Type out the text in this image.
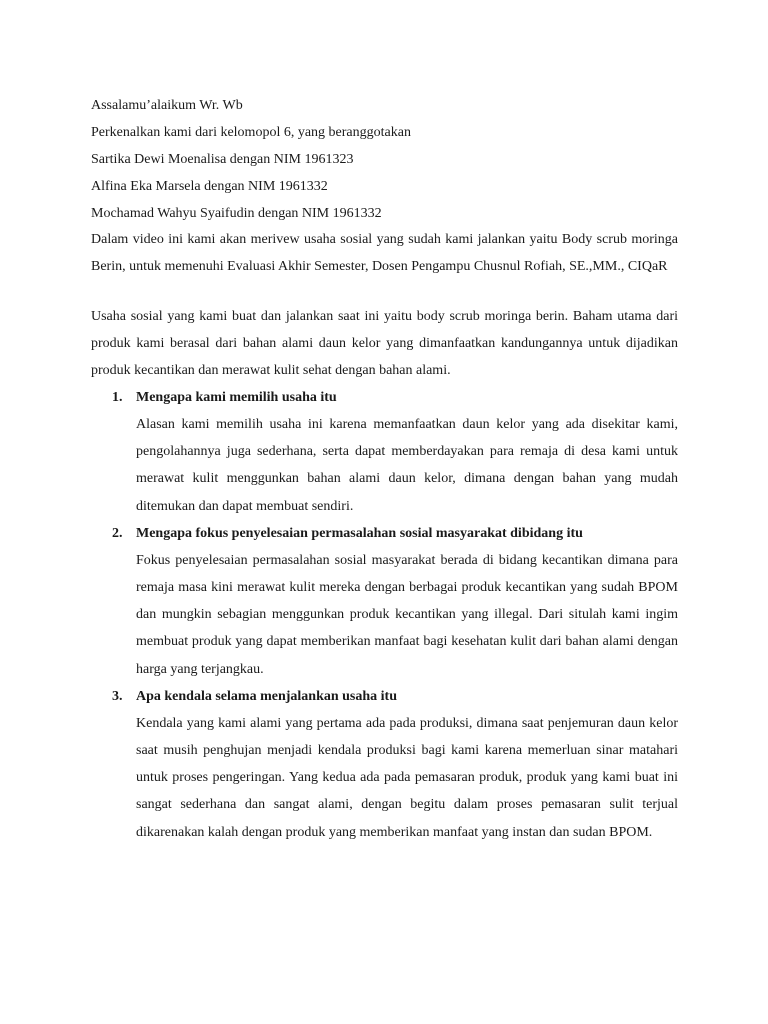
Assalamu’alaikum Wr. Wb
Perkenalkan kami dari kelomopol 6, yang beranggotakan
Sartika Dewi Moenalisa dengan NIM 1961323
Alfina Eka Marsela dengan NIM 1961332
Mochamad Wahyu Syaifudin dengan NIM 1961332
Dalam video ini kami akan merivew usaha sosial yang sudah kami jalankan yaitu Body scrub moringa Berin, untuk memenuhi Evaluasi Akhir Semester, Dosen Pengampu Chusnul Rofiah, SE.,MM., CIQaR
Usaha sosial yang kami buat dan jalankan saat ini yaitu body scrub moringa berin. Baham utama dari produk kami berasal dari bahan alami daun kelor yang dimanfaatkan kandungannya untuk dijadikan produk kecantikan dan merawat kulit sehat dengan bahan alami.
1. Mengapa kami memilih usaha itu
Alasan kami memilih usaha ini karena memanfaatkan daun kelor yang ada disekitar kami, pengolahannya juga sederhana, serta dapat memberdayakan para remaja di desa kami untuk merawat kulit menggunkan bahan alami daun kelor, dimana dengan bahan yang mudah ditemukan dan dapat membuat sendiri.
2. Mengapa fokus penyelesaian permasalahan sosial masyarakat dibidang itu
Fokus penyelesaian permasalahan sosial masyarakat berada di bidang kecantikan dimana para remaja masa kini merawat kulit mereka dengan berbagai produk kecantikan yang sudah BPOM dan mungkin sebagian menggunkan produk kecantikan yang illegal. Dari situlah kami ingim membuat produk yang dapat memberikan manfaat bagi kesehatan kulit dari bahan alami dengan harga yang terjangkau.
3. Apa kendala selama menjalankan usaha itu
Kendala yang kami alami yang pertama ada pada produksi, dimana saat penjemuran daun kelor saat musih penghujan menjadi kendala produksi bagi kami karena memerluan sinar matahari untuk proses pengeringan. Yang kedua ada pada pemasaran produk, produk yang kami buat ini sangat sederhana dan sangat alami, dengan begitu dalam proses pemasaran sulit terjual dikarenakan kalah dengan produk yang memberikan manfaat yang instan dan sudan BPOM.
